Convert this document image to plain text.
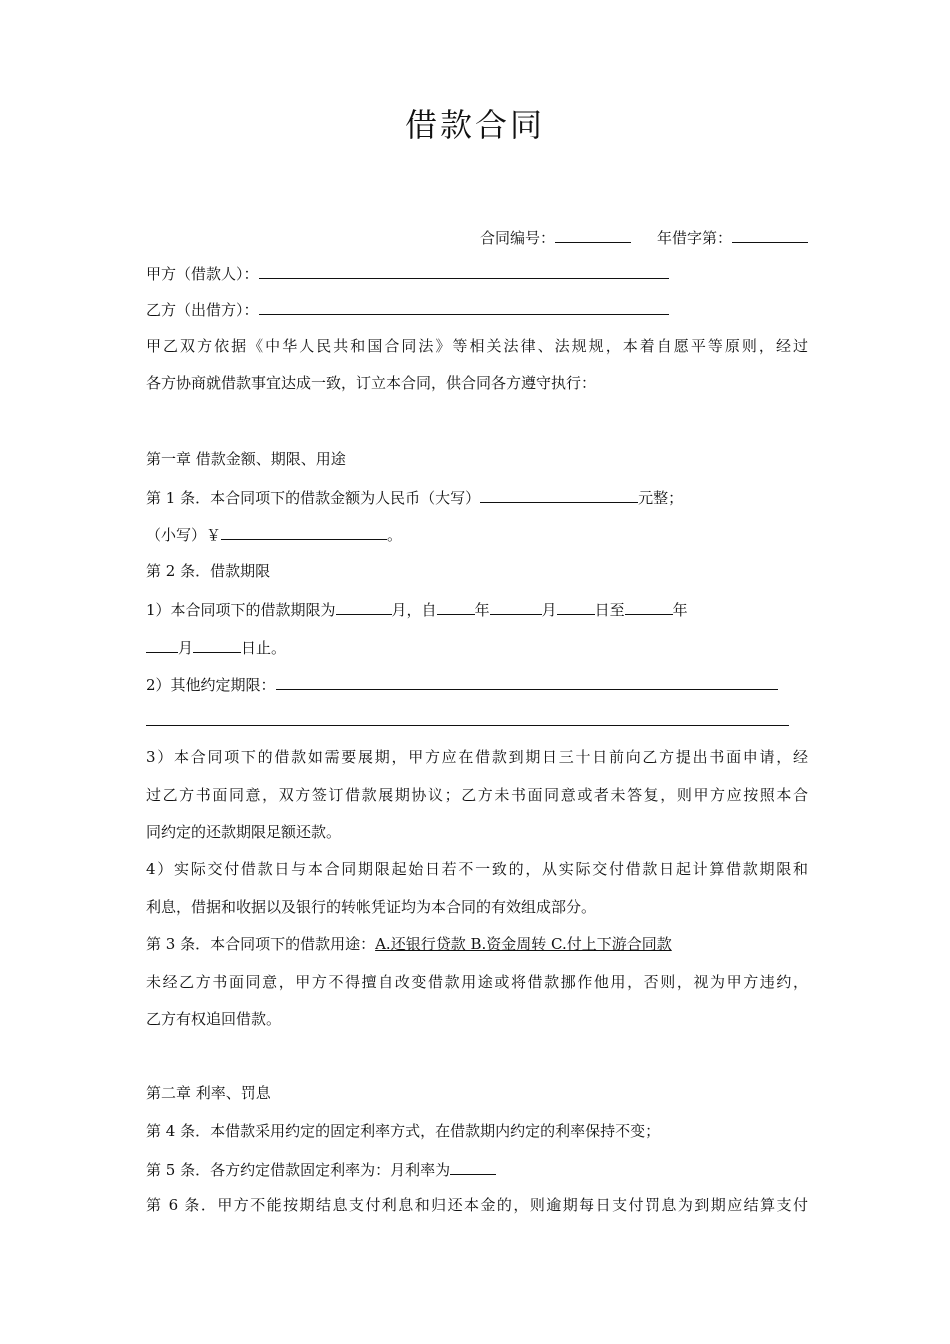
借款合同
合同编号：	年借字第：
甲方（借款人）：
乙方（出借方）：
甲乙双方依据《中华人民共和国合同法》等相关法律、法规规，本着自愿平等原则，经过
各方协商就借款事宜达成一致，订立本合同，供合同各方遵守执行：
第一章 借款金额、期限、用途
第 1 条．本合同项下的借款金额为人民币（大写）	元整；
（小写）￥	。
第 2 条．借款期限
1）本合同项下的借款期限为	月，自	年	月	日至	年
月	日止。
2）其他约定期限：
3）本合同项下的借款如需要展期，甲方应在借款到期日三十日前向乙方提出书面申请，经
过乙方书面同意，双方签订借款展期协议；乙方未书面同意或者未答复，则甲方应按照本合
同约定的还款期限足额还款。
4）实际交付借款日与本合同期限起始日若不一致的，从实际交付借款日起计算借款期限和
利息，借据和收据以及银行的转帐凭证均为本合同的有效组成部分。
第 3 条．本合同项下的借款用途：A.还银行贷款 B.资金周转 C.付上下游合同款
未经乙方书面同意，甲方不得擅自改变借款用途或将借款挪作他用，否则，视为甲方违约，
乙方有权追回借款。
第二章 利率、罚息
第 4 条．本借款采用约定的固定利率方式，在借款期内约定的利率保持不变；
第 5 条．各方约定借款固定利率为：月利率为
第 6 条．甲方不能按期结息支付利息和归还本金的，则逾期每日支付罚息为到期应结算支付
